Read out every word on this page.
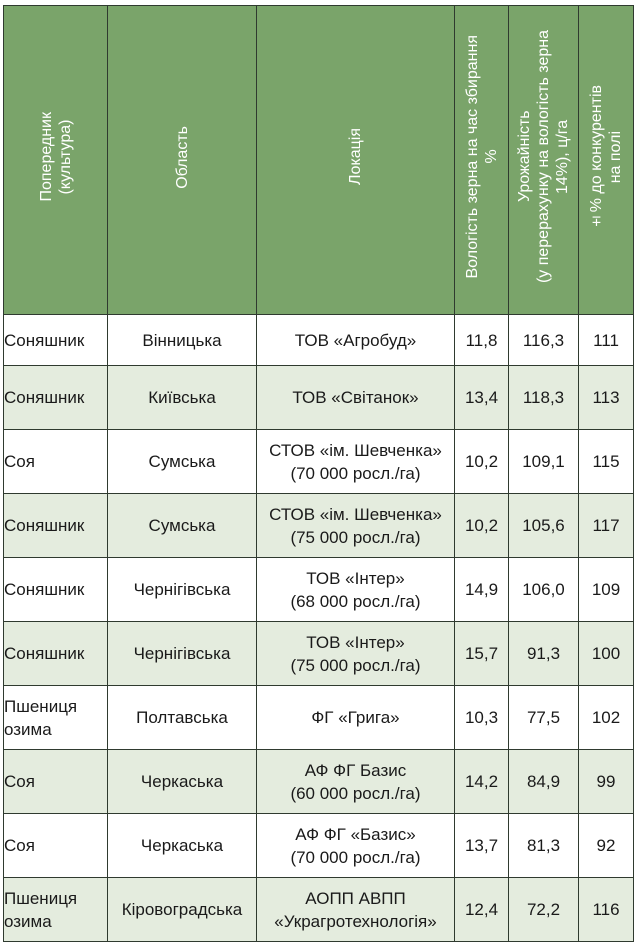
Попередник
(культура)	Область	Локація	Вологість зерна на час збирання
%	Урожайність
(у перерахунку на вологість зерна
14%), ц/га	±% до конкурентів
на полі
Соняшник	Вінницька	ТОВ «Агробуд»	11,8	116,3	111
Соняшник	Київська	ТОВ «Світанок»	13,4	118,3	113
Соя	Сумська	СТОВ «ім. Шевченка»
(70 000 росл./га)	10,2	109,1	115
Соняшник	Сумська	СТОВ «ім. Шевченка»
(75 000 росл./га)	10,2	105,6	117
Соняшник	Чернігівська	ТОВ «Інтер»
(68 000 росл./га)	14,9	106,0	109
Соняшник	Чернігівська	ТОВ «Інтер»
(75 000 росл./га)	15,7	91,3	100
Пшениця
озима	Полтавська	ФГ «Грига»	10,3	77,5	102
Соя	Черкаська	АФ ФГ Базис
(60 000 росл./га)	14,2	84,9	99
Соя	Черкаська	АФ ФГ «Базис»
(70 000 росл./га)	13,7	81,3	92
Пшениця
озима	Кіровоградська	АОПП АВПП
«Украгротехнологія»	12,4	72,2	116
